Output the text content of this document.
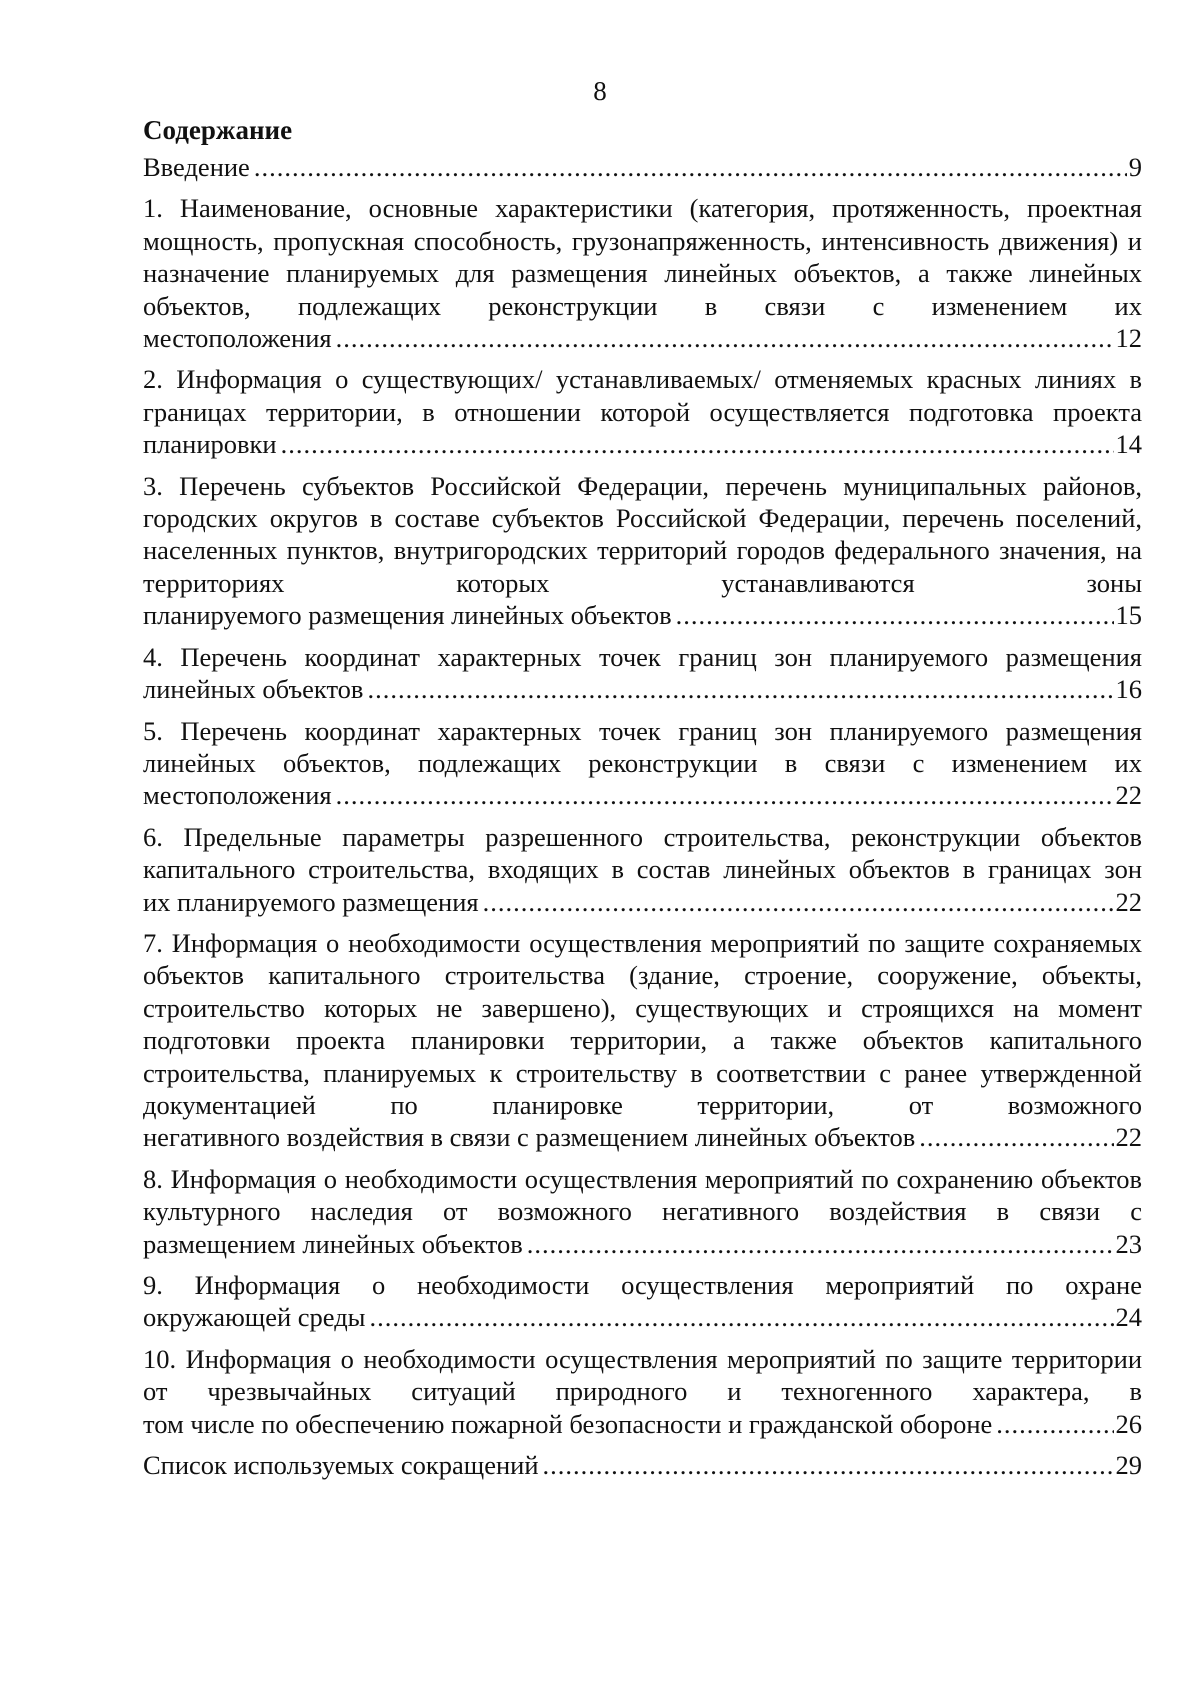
8
Содержание
Введение .....	9
1. Наименование, основные характеристики (категория, протяженность, проектная мощность, пропускная способность, грузонапряженность, интенсивность движения) и назначение планируемых для размещения линейных объектов, а также линейных объектов, подлежащих реконструкции в связи с изменением их
местоположения .....	12
2. Информация о существующих/ устанавливаемых/ отменяемых красных линиях в границах территории, в отношении которой осуществляется подготовка проекта
планировки .....	14
3. Перечень субъектов Российской Федерации, перечень муниципальных районов, городских округов в составе субъектов Российской Федерации, перечень поселений, населенных пунктов, внутригородских территорий городов федерального значения, на территориях которых устанавливаются зоны
планируемого размещения линейных объектов .....	15
4. Перечень координат характерных точек границ зон планируемого размещения
линейных объектов .....	16
5. Перечень координат характерных точек границ зон планируемого размещения линейных объектов, подлежащих реконструкции в связи с изменением их
местоположения .....	22
6. Предельные параметры разрешенного строительства, реконструкции объектов капитального строительства, входящих в состав линейных объектов в границах зон
их планируемого размещения .....	22
7. Информация о необходимости осуществления мероприятий по защите сохраняемых объектов капитального строительства (здание, строение, сооружение, объекты, строительство которых не завершено), существующих и строящихся на момент подготовки проекта планировки территории, а также объектов капитального строительства, планируемых к строительству в соответствии с ранее утвержденной документацией по планировке территории, от возможного
негативного воздействия в связи с размещением линейных объектов .....	22
8. Информация о необходимости осуществления мероприятий по сохранению объектов культурного наследия от возможного негативного воздействия в связи с
размещением линейных объектов .....	23
9. Информация о необходимости осуществления мероприятий по охране
окружающей среды .....	24
10. Информация о необходимости осуществления мероприятий по защите территории от чрезвычайных ситуаций природного и техногенного характера, в
том числе по обеспечению пожарной безопасности и гражданской обороне .....	26
Список используемых сокращений .....	29
